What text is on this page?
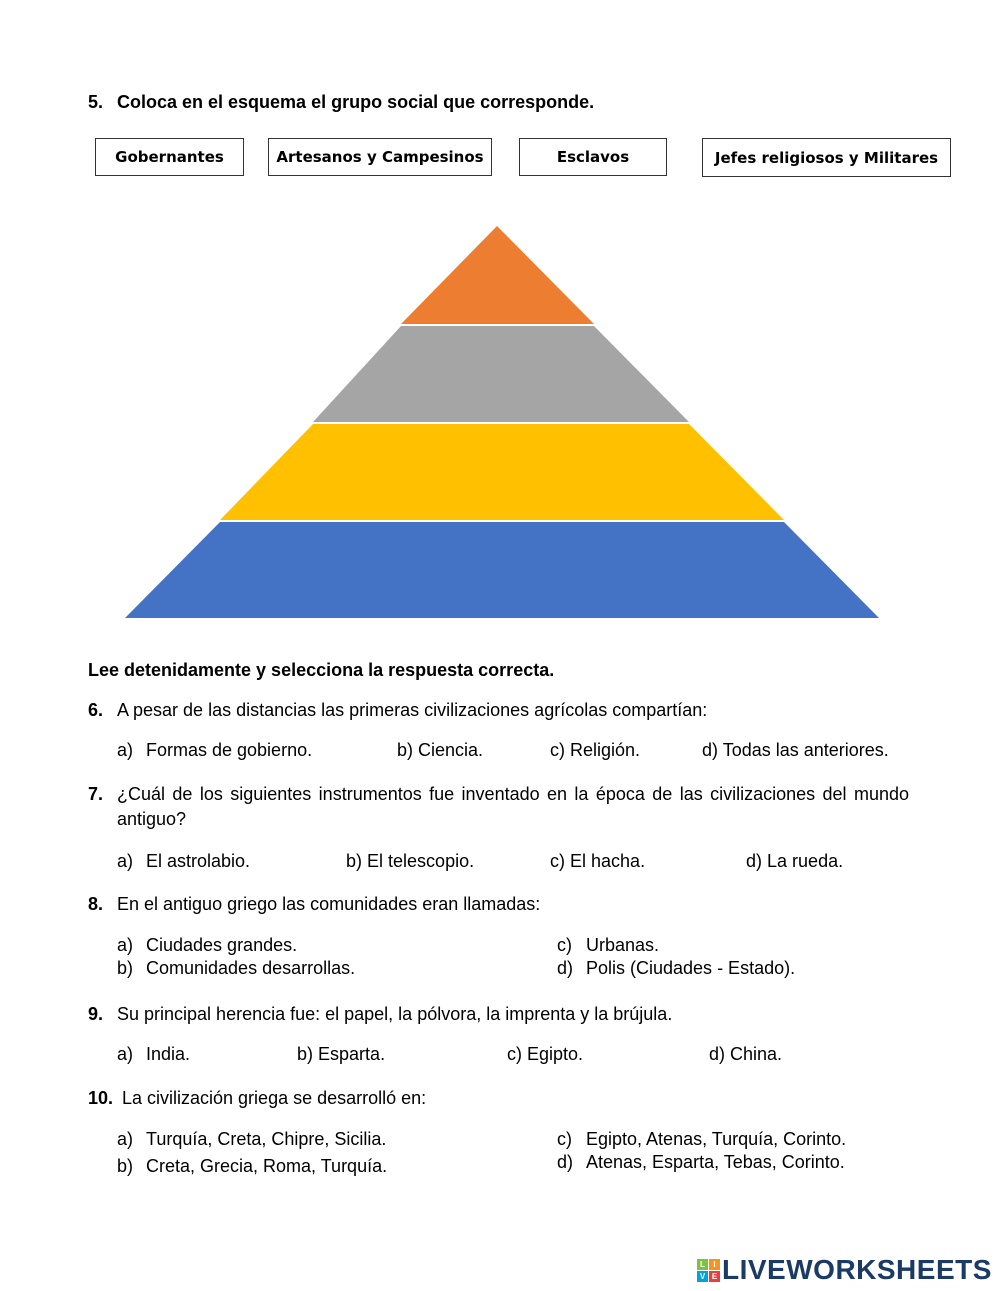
5. Coloca en el esquema el grupo social que corresponde.
Gobernantes	Artesanos y Campesinos	Esclavos	Jefes religiosos y Militares
Lee detenidamente y selecciona la respuesta correcta.
6. A pesar de las distancias las primeras civilizaciones agrícolas compartían:
a) Formas de gobierno.	b) Ciencia.	c) Religión.	d) Todas las anteriores.
7. ¿Cuál de los siguientes instrumentos fue inventado en la época de las civilizaciones del mundo antiguo?
a) El astrolabio.	b) El telescopio.	c) El hacha.	d) La rueda.
8. En el antiguo griego las comunidades eran llamadas:
a) Ciudades grandes.
b) Comunidades desarrollas.
c) Urbanas.
d) Polis (Ciudades - Estado).
9. Su principal herencia fue: el papel, la pólvora, la imprenta y la brújula.
a) India.	b) Esparta.	c) Egipto.	d) China.
10. La civilización griega se desarrolló en:
a) Turquía, Creta, Chipre, Sicilia.
b) Creta, Grecia, Roma, Turquía.
c) Egipto, Atenas, Turquía, Corinto.
d) Atenas, Esparta, Tebas, Corinto.
L	I
V E LIVEWORKSHEETS
